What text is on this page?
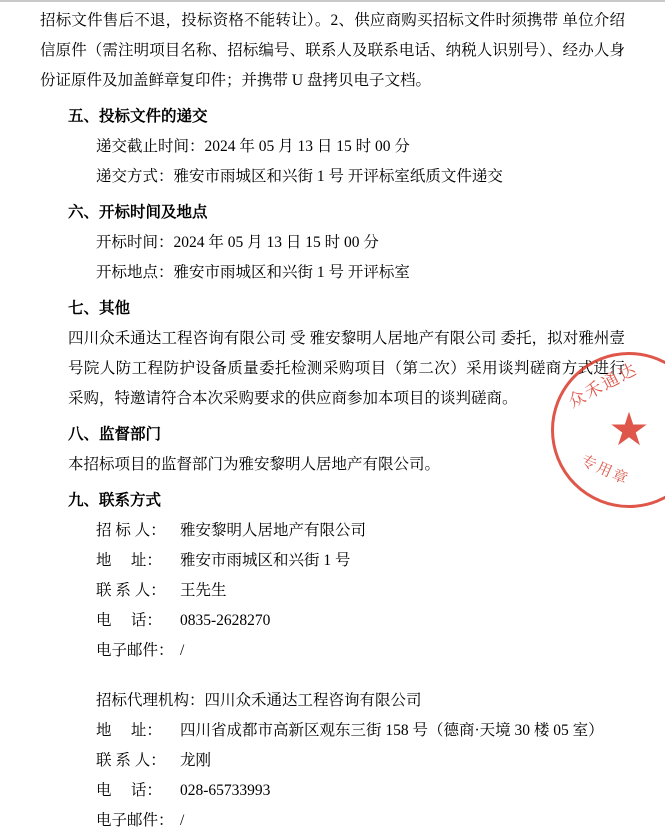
招标文件售后不退，投标资格不能转让）。2、供应商购买招标文件时须携带 单位介绍信原件（需注明项目名称、招标编号、联系人及联系电话、纳税人识别号）、经办人身份证原件及加盖鲜章复印件；并携带 U 盘拷贝电子文档。
五、投标文件的递交
递交截止时间：2024 年 05 月 13 日 15 时 00 分
递交方式：雅安市雨城区和兴街 1 号 开评标室纸质文件递交
六、开标时间及地点
开标时间：2024 年 05 月 13 日 15 时 00 分
开标地点：雅安市雨城区和兴街 1 号 开评标室
七、其他
四川众禾通达工程咨询有限公司 受 雅安黎明人居地产有限公司 委托，拟对雅州壹号院人防工程防护设备质量委托检测采购项目（第二次）采用谈判磋商方式进行采购，特邀请符合本次采购要求的供应商参加本项目的谈判磋商。
八、监督部门
本招标项目的监督部门为雅安黎明人居地产有限公司。
九、联系方式
招 标 人： 雅安黎明人居地产有限公司
地　 址： 雅安市雨城区和兴街 1 号
联 系 人： 王先生
电　 话： 0835-2628270
电子邮件： /
招标代理机构：四川众禾通达工程咨询有限公司
地　 址： 四川省成都市高新区观东三街 158 号（德商·天境 30 楼 05 室）
联 系 人： 龙刚
电　 话： 028-65733993
电子邮件： /
众禾通达
★
专用章
